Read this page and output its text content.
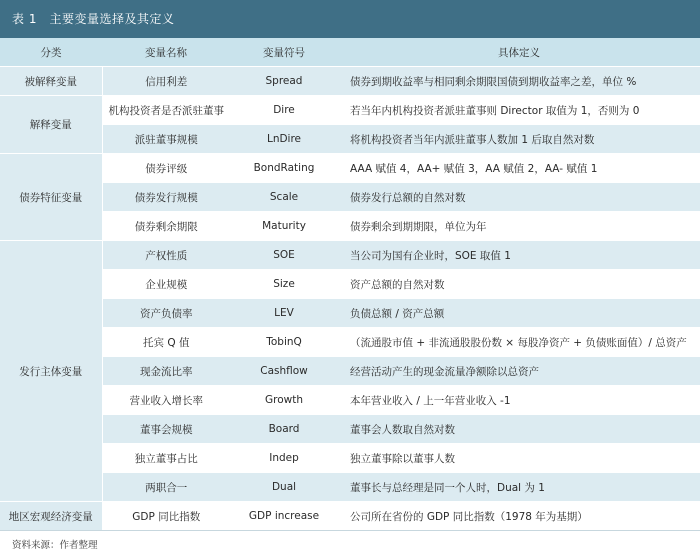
表 1　主要变量选择及其定义
分类	变量名称	变量符号	具体定义
被解释变量	信用利差	Spread	债券到期收益率与相同剩余期限国债到期收益率之差，单位 %
解释变量	机构投资者是否派驻董事	Dire	若当年内机构投资者派驻董事则 Director 取值为 1，否则为 0
	派驻董事规模	LnDire	将机构投资者当年内派驻董事人数加 1 后取自然对数
债券特征变量	债券评级	BondRating	AAA 赋值 4，AA+ 赋值 3，AA 赋值 2，AA- 赋值 1
	债券发行规模	Scale	债券发行总额的自然对数
	债券剩余期限	Maturity	债券剩余到期期限，单位为年
发行主体变量	产权性质	SOE	当公司为国有企业时，SOE 取值 1
	企业规模	Size	资产总额的自然对数
	资产负债率	LEV	负债总额 / 资产总额
	托宾 Q 值	TobinQ	（流通股市值 + 非流通股股份数 × 每股净资产 + 负债账面值）/ 总资产
	现金流比率	Cashflow	经营活动产生的现金流量净额除以总资产
	营业收入增长率	Growth	本年营业收入 / 上一年营业收入 -1
	董事会规模	Board	董事会人数取自然对数
	独立董事占比	Indep	独立董事除以董事人数
	两职合一	Dual	董事长与总经理是同一个人时，Dual 为 1
地区宏观经济变量	GDP 同比指数	GDP increase	公司所在省份的 GDP 同比指数（1978 年为基期）
资料来源：作者整理
